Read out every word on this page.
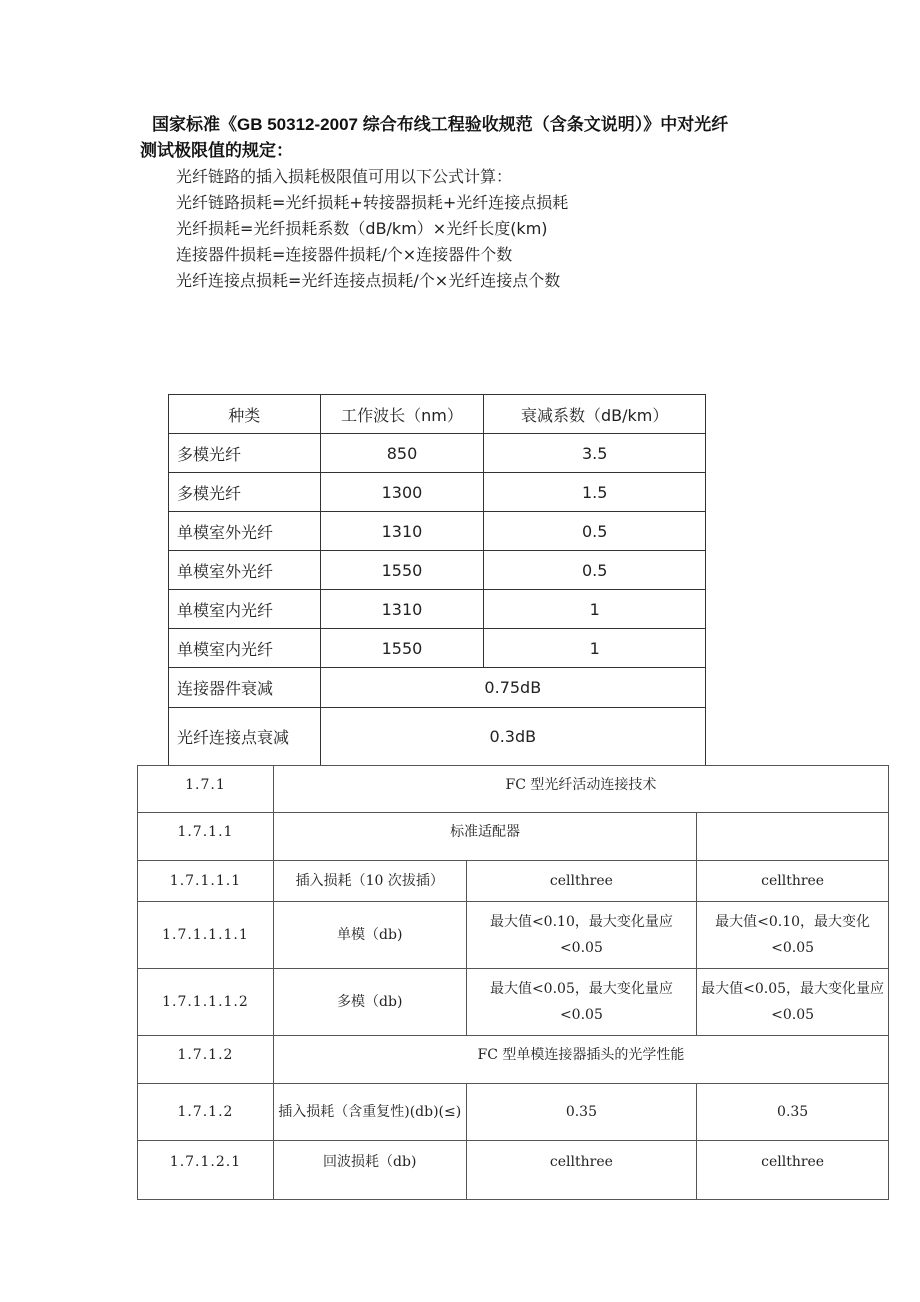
国家标准《GB 50312-2007 综合布线工程验收规范（含条文说明）》中对光纤
测试极限值的规定：
光纤链路的插入损耗极限值可用以下公式计算：
光纤链路损耗=光纤损耗+转接器损耗+光纤连接点损耗
光纤损耗=光纤损耗系数（dB/km）×光纤长度(km)
连接器件损耗=连接器件损耗/个×连接器件个数
光纤连接点损耗=光纤连接点损耗/个×光纤连接点个数
种类	工作波长（nm）	衰减系数（dB/km）
多模光纤	850	3.5
多模光纤	1300	1.5
单模室外光纤	1310	0.5
单模室外光纤	1550	0.5
单模室内光纤	1310	1
单模室内光纤	1550	1
连接器件衰减	0.75dB	
光纤连接点衰减	0.3dB	
1.7.1	FC 型光纤活动连接技术		
1.7.1.1	标准适配器		
1.7.1.1.1	插入损耗（10 次拔插）	cellthree	cellthree
1.7.1.1.1.1	单模（db)	最大值<0.10，最大变化量应<0.05	最大值<0.10，最大变化<0.05
1.7.1.1.1.2	多模（db)	最大值<0.05，最大变化量应<0.05	最大值<0.05，最大变化量应<0.05
1.7.1.2	FC 型单模连接器插头的光学性能		
1.7.1.2	插入损耗（含重复性)(db)(≤)	0.35	0.35
1.7.1.2.1	回波损耗（db)	cellthree	cellthree
